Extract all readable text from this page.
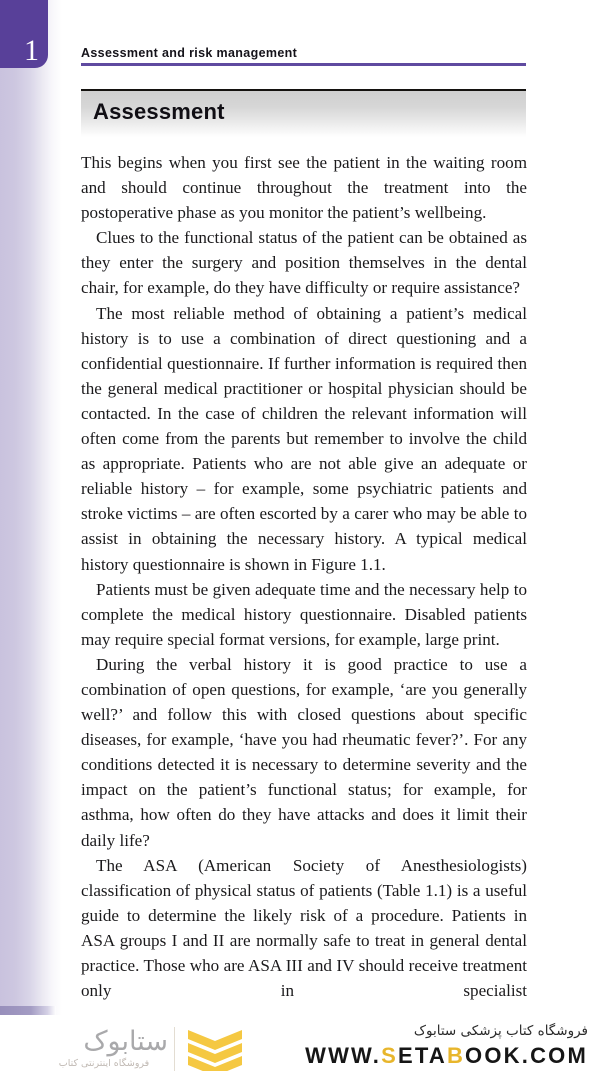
1	Assessment and risk management
Assessment

This begins when you first see the patient in the waiting room and should continue throughout the treatment into the postoperative phase as you monitor the patient’s wellbeing.

Clues to the functional status of the patient can be obtained as they enter the surgery and position themselves in the dental chair, for example, do they have difficulty or require assistance?

The most reliable method of obtaining a patient’s medical history is to use a combination of direct questioning and a confidential questionnaire. If further information is required then the general medical practitioner or hospital physician should be contacted. In the case of children the relevant information will often come from the parents but remember to involve the child as appropriate. Patients who are not able give an adequate or reliable history – for example, some psychiatric patients and stroke victims – are often escorted by a carer who may be able to assist in obtaining the necessary history. A typical medical history questionnaire is shown in Figure 1.1.

Patients must be given adequate time and the necessary help to complete the medical history questionnaire. Disabled patients may require special format versions, for example, large print.

During the verbal history it is good practice to use a combination of open questions, for example, ‘are you generally well?’ and follow this with closed questions about specific diseases, for example, ‘have you had rheumatic fever?’. For any conditions detected it is necessary to determine severity and the impact on the patient’s functional status; for example, for asthma, how often do they have attacks and does it limit their daily life?

The ASA (American Society of Anesthesiologists) classification of physical status of patients (Table 1.1) is a useful guide to determine the likely risk of a procedure. Patients in ASA groups I and II are normally safe to treat in general dental practice. Those who are ASA III and IV should receive treatment only in specialist

ستابوک
فروشگاه اینترنتی کتاب
فروشگاه کتاب پزشکی ستابوک
WWW.SETABOOK.COM
